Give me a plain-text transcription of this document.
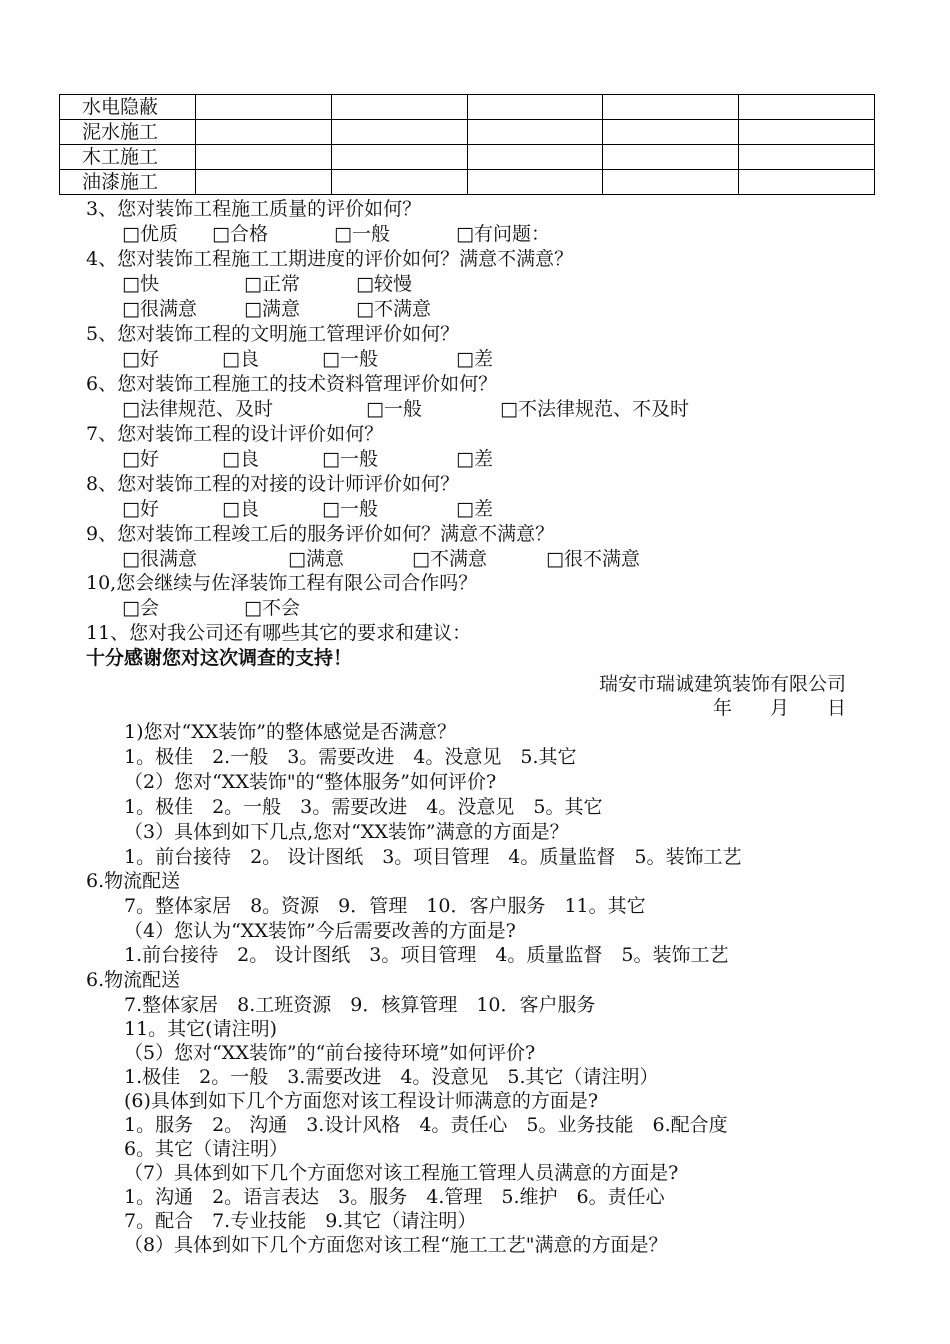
水电隐蔽					
泥水施工					
木工施工					
油漆施工					
3、您对装饰工程施工质量的评价如何？
□优质 □合格	□一般	□有问题：
4、您对装饰工程施工工期进度的评价如何？满意不满意？
□快	□正常	□较慢
□很满意 □满意	□不满意
5、您对装饰工程的文明施工管理评价如何？
□好	□良	□一般	□差
6、您对装饰工程施工的技术资料管理评价如何？
□法律规范、及时	□一般	□不法律规范、不及时
7、您对装饰工程的设计评价如何？
□好	□良	□一般	□差
8、您对装饰工程的对接的设计师评价如何？
□好	□良	□一般	□差
9、您对装饰工程竣工后的服务评价如何？满意不满意？
□很满意	□满意	□不满意	□很不满意
10,您会继续与佐泽装饰工程有限公司合作吗？
□会	□不会
11、您对我公司还有哪些其它的要求和建议：
十分感谢您对这次调查的支持！
瑞安市瑞诚建筑装饰有限公司
年　　月　　日
1)您对“XX装饰”的整体感觉是否满意？
1。极佳　2.一般　3。需要改进　4。没意见　5.其它
（2）您对“XX装饰"的“整体服务”如何评价?
1。极佳　2。一般　3。需要改进　4。没意见　5。其它
（3）具体到如下几点,您对“XX装饰”满意的方面是？
1。前台接待　2。 设计图纸　3。项目管理　4。质量监督　5。装饰工艺
6.物流配送
7。整体家居　8。资源　9．管理　10．客户服务　11。其它
（4）您认为“XX装饰”今后需要改善的方面是?
1.前台接待　2。 设计图纸　3。项目管理　4。质量监督　5。装饰工艺
6.物流配送
7.整体家居　8.工班资源　9．核算管理　10．客户服务
11。其它(请注明)
（5）您对“XX装饰”的“前台接待环境”如何评价?
1.极佳　2。一般　3.需要改进　4。没意见　5.其它（请注明）
(6)具体到如下几个方面您对该工程设计师满意的方面是?
1。服务　2。 沟通　3.设计风格　4。责任心　5。业务技能　6.配合度
6。其它（请注明）
（7）具体到如下几个方面您对该工程施工管理人员满意的方面是?
1。沟通　2。语言表达　3。服务　4.管理　5.维护　6。责任心
7。配合　7.专业技能　9.其它（请注明）
（8）具体到如下几个方面您对该工程“施工工艺"满意的方面是？
